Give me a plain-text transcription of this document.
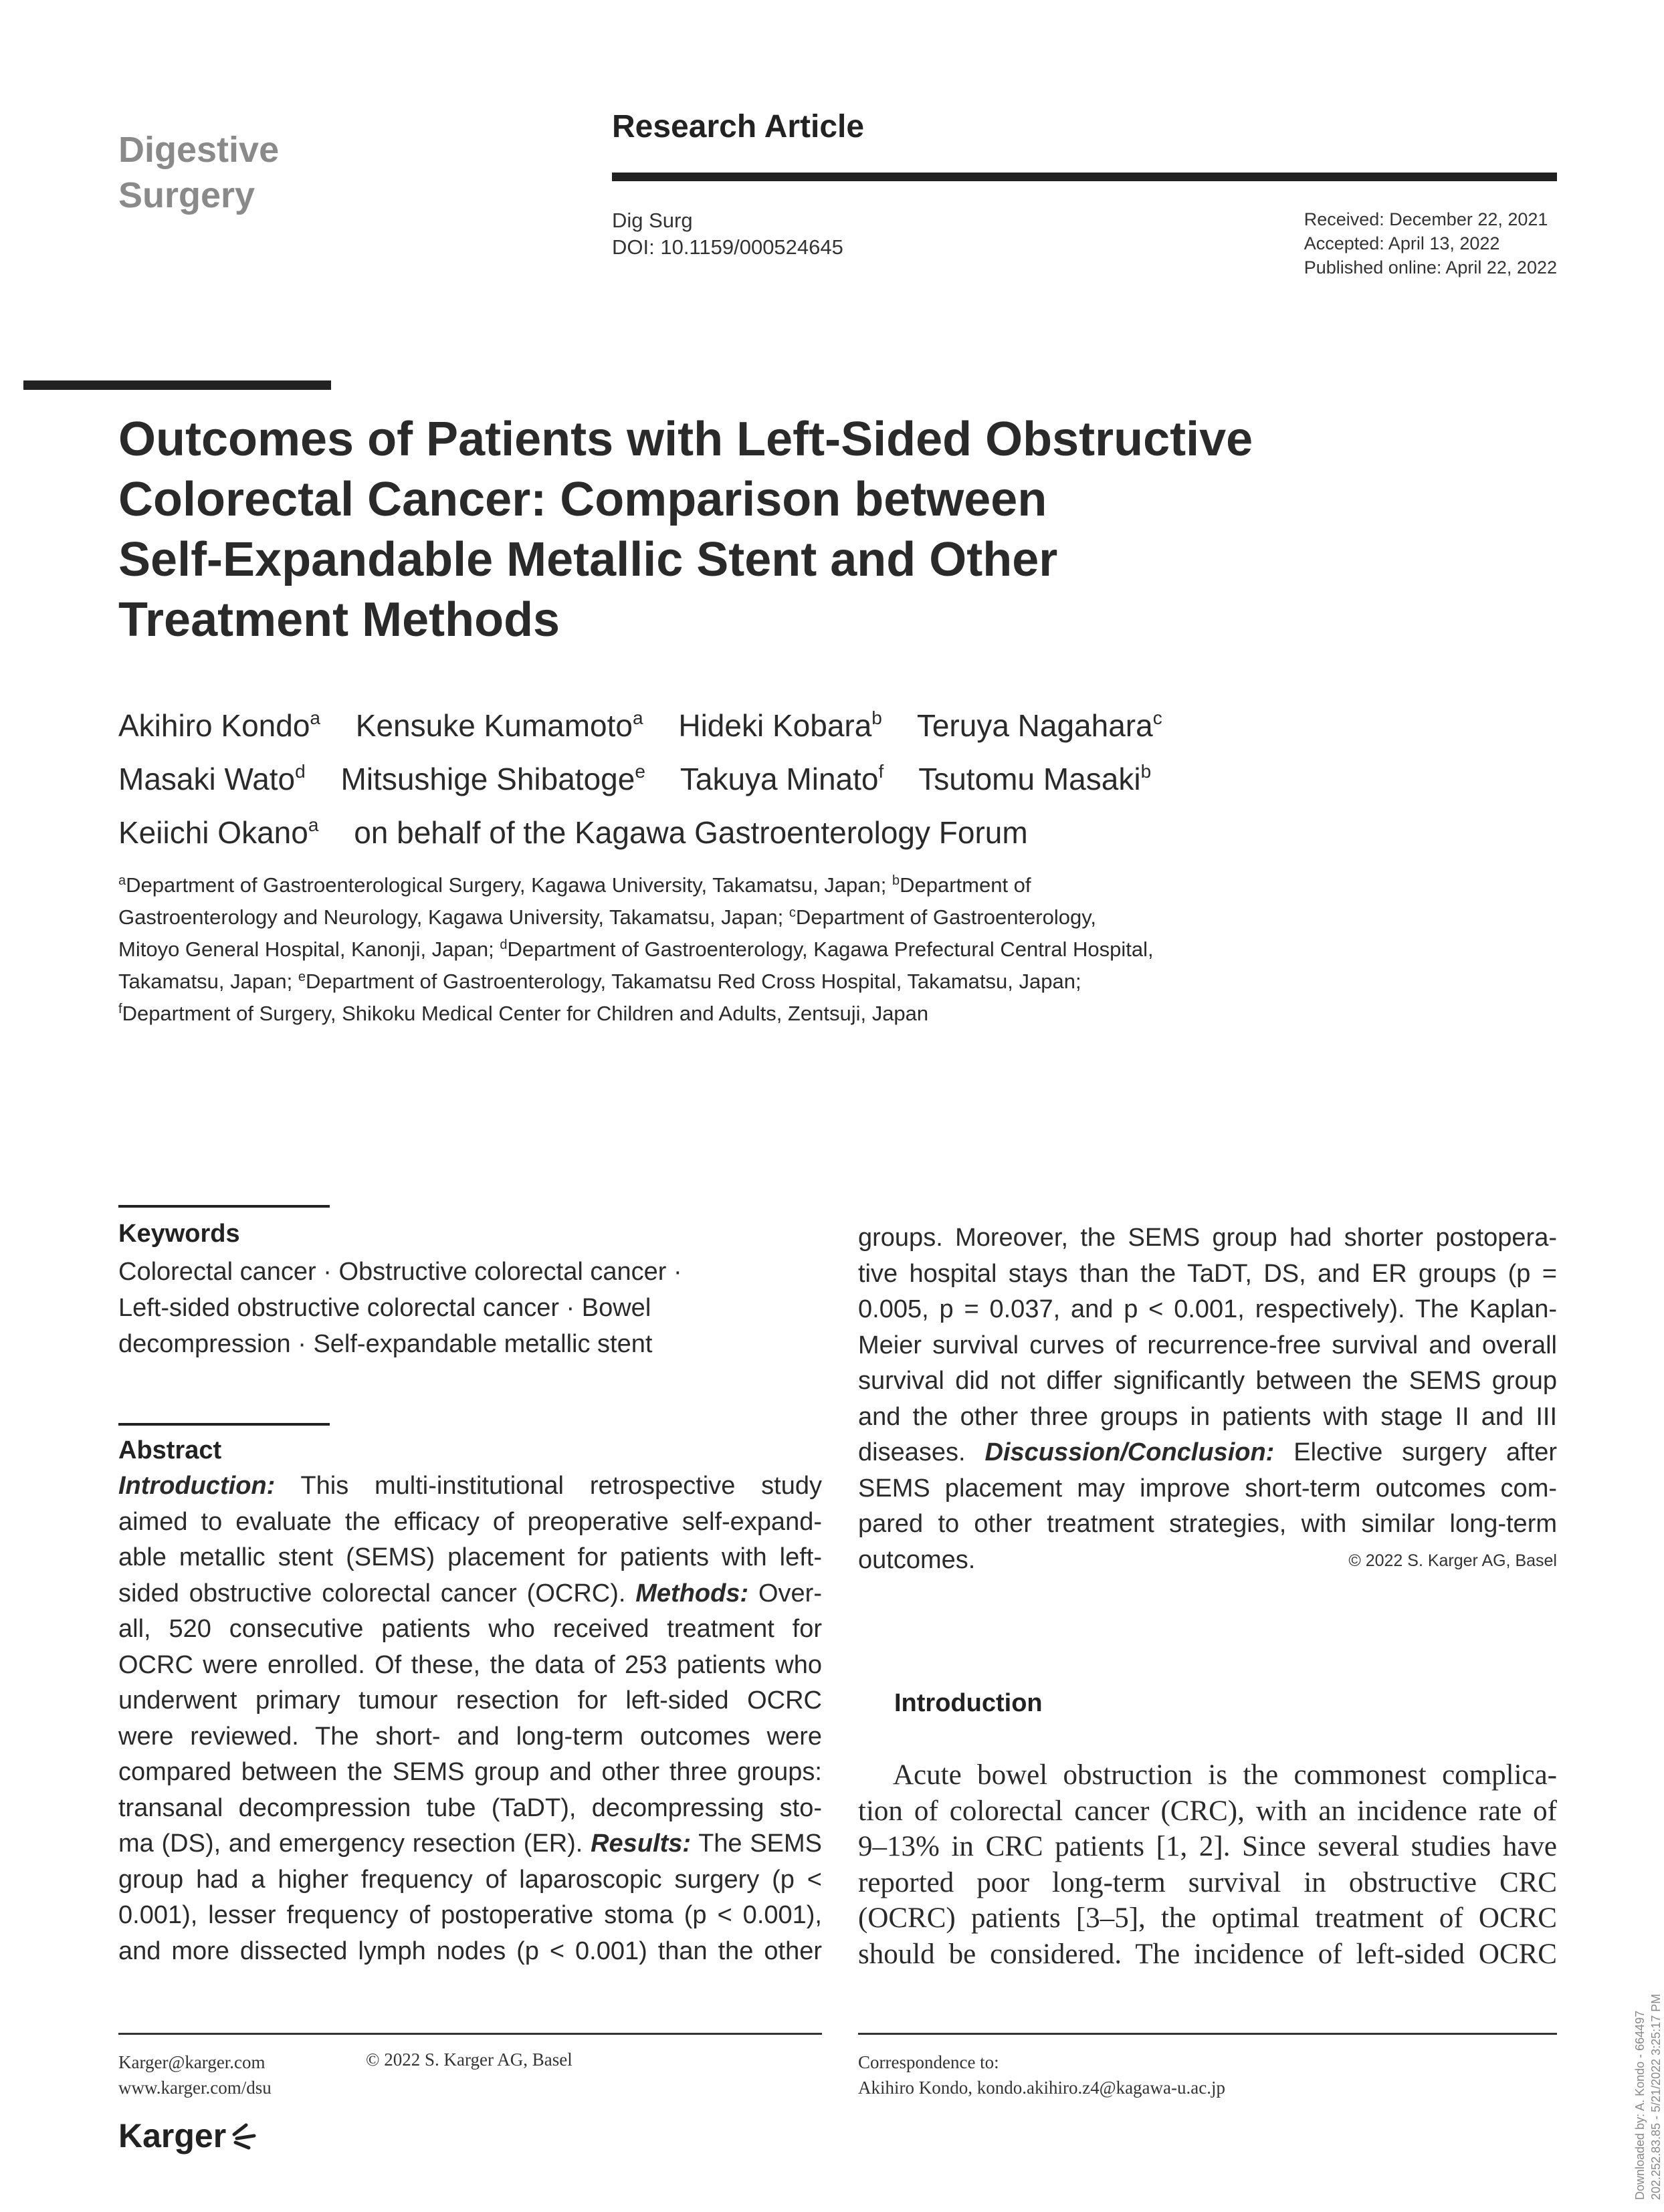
Digestive
Surgery
Research Article
Dig Surg
DOI: 10.1159/000524645
Received: December 22, 2021
Accepted: April 13, 2022
Published online: April 22, 2022
Outcomes of Patients with Left-Sided Obstructive
Colorectal Cancer: Comparison between
Self-Expandable Metallic Stent and Other
Treatment Methods
Akihiro Kondo$^a$ Kensuke Kumamoto$^a$ Hideki Kobara$^b$ Teruya Nagahara$^c$
Masaki Wato$^d$ Mitsushige Shibatoge$^e$ Takuya Minato$^f$ Tsutomu Masaki$^b$
Keiichi Okano$^a$ on behalf of the Kagawa Gastroenterology Forum
$^a$Department of Gastroenterological Surgery, Kagawa University, Takamatsu, Japan; $^b$Department of
Gastroenterology and Neurology, Kagawa University, Takamatsu, Japan; $^c$Department of Gastroenterology,
Mitoyo General Hospital, Kanonji, Japan; $^d$Department of Gastroenterology, Kagawa Prefectural Central Hospital,
Takamatsu, Japan; $^e$Department of Gastroenterology, Takamatsu Red Cross Hospital, Takamatsu, Japan;
$^f$Department of Surgery, Shikoku Medical Center for Children and Adults, Zentsuji, Japan
Keywords
Colorectal cancer · Obstructive colorectal cancer ·
Left-sided obstructive colorectal cancer · Bowel
decompression · Self-expandable metallic stent
Abstract
Introduction: This multi-institutional retrospective study
aimed to evaluate the efficacy of preoperative self-expand-
able metallic stent (SEMS) placement for patients with left-
sided obstructive colorectal cancer (OCRC). Methods: Over-
all, 520 consecutive patients who received treatment for
OCRC were enrolled. Of these, the data of 253 patients who
underwent primary tumour resection for left-sided OCRC
were reviewed. The short- and long-term outcomes were
compared between the SEMS group and other three groups:
transanal decompression tube (TaDT), decompressing sto-
ma (DS), and emergency resection (ER). Results: The SEMS
group had a higher frequency of laparoscopic surgery (p <
0.001), lesser frequency of postoperative stoma (p < 0.001),
and more dissected lymph nodes (p < 0.001) than the other
groups. Moreover, the SEMS group had shorter postopera-
tive hospital stays than the TaDT, DS, and ER groups (p =
0.005, p = 0.037, and p < 0.001, respectively). The Kaplan-
Meier survival curves of recurrence-free survival and overall
survival did not differ significantly between the SEMS group
and the other three groups in patients with stage II and III
diseases. Discussion/Conclusion: Elective surgery after
SEMS placement may improve short-term outcomes com-
pared to other treatment strategies, with similar long-term
outcomes.	© 2022 S. Karger AG, Basel
Introduction
Acute bowel obstruction is the commonest complica-
tion of colorectal cancer (CRC), with an incidence rate of
9–13% in CRC patients [1, 2]. Since several studies have
reported poor long-term survival in obstructive CRC
(OCRC) patients [3–5], the optimal treatment of OCRC
should be considered. The incidence of left-sided OCRC
Karger@karger.com
www.karger.com/dsu
© 2022 S. Karger AG, Basel	Correspondence to:
Akihiro Kondo, kondo.akihiro.z4@kagawa-u.ac.jp
Karger	Downloaded by: A. Kondo - 664497 202.252.83.85 - 5/21/2022 3:25:17 PM
